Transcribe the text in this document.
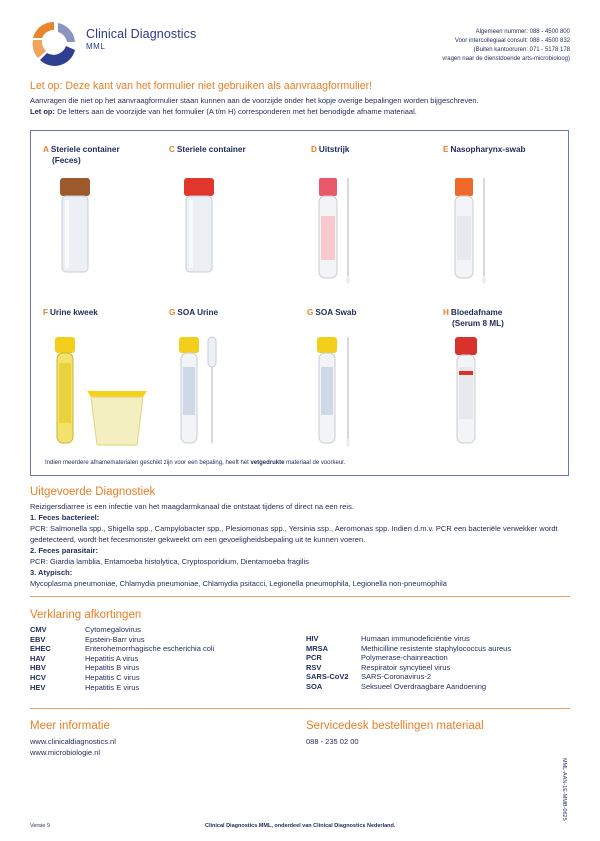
Clinical Diagnostics
MML
Algemeen nummer: 088 - 4500 800
Voor intercollegiaal consult: 088 - 4500 832
(Buiten kantooruren: 071 - 5178 178
vragen naar de dienstdoende arts-microbioloog)
Let op: Deze kant van het formulier niet gebruiken als aanvraagformulier!
Aanvragen die niet op het aanvraagformulier staan kunnen aan de voorzijde onder het kopje overige bepalingen worden bijgeschreven.
Let op: De letters aan de voorzijde van het formulier (A t/m H) corresponderen met het benodigde afname materiaal.
A Steriele container
(Feces)
C Steriele container	D Uitstrijk	E Nasopharynx-swab
F Urine kweek	G SOA Urine	G SOA Swab	H Bloedafname
(Serum 8 ML)
Indien meerdere afnamematerialen geschikt zijn voor een bepaling, heeft het vetgedrukte materiaal de voorkeur.
Uitgevoerde Diagnostiek
Reizigersdiarree is een infectie van het maagdarmkanaal die ontstaat tijdens of direct na een reis.
1. Feces bacterieel:
PCR: Salmonella spp., Shigella spp., Campylobacter spp., Plesiomonas spp., Yersinia ssp., Aeromonas spp. Indien d.m.v. PCR een bacteriële verwekker wordt gedetecteerd, wordt het fecesmonster gekweekt om een gevoeligheidsbepaling uit te kunnen voeren.
2. Feces parasitair:
PCR: Giardia lamblia, Entamoeba histolytica, Cryptosporidium, Dientamoeba fragilis
3. Atypisch:
Mycoplasma pneumoniae, Chlamydia pneumoniae, Chlamydia psitacci, Legionella pneumophila, Legionella non-pneumophila
Verklaring afkortingen
CMV	Cytomegalovirus
EBV	Epstein-Barr virus
EHEC	Enterohemorrhagische escherichia coli
HAV	Hepatitis A virus
HBV	Hepatitis B virus
HCV	Hepatitis C virus
HEV	Hepatitis E virus
HIV	Humaan immunodeficiëntie virus
MRSA	Methicilline resistente staphylococcus aureus
PCR	Polymerase-chainreaction
RSV	Respiratoir syncytieel virus
SARS-CoV2	SARS-Coronavirus-2
SOA	Seksueel Overdraagbare Aandoening
Meer informatie
www.clinicaldiagnostics.nl
www.microbiologie.nl
Servicedesk bestellingen materiaal
088 - 235 02 00
MML-AAN-1E-MMB-0625
Versie 9	Clinical Diagnostics MML, onderdeel van Clinical Diagnostics Nederland.
